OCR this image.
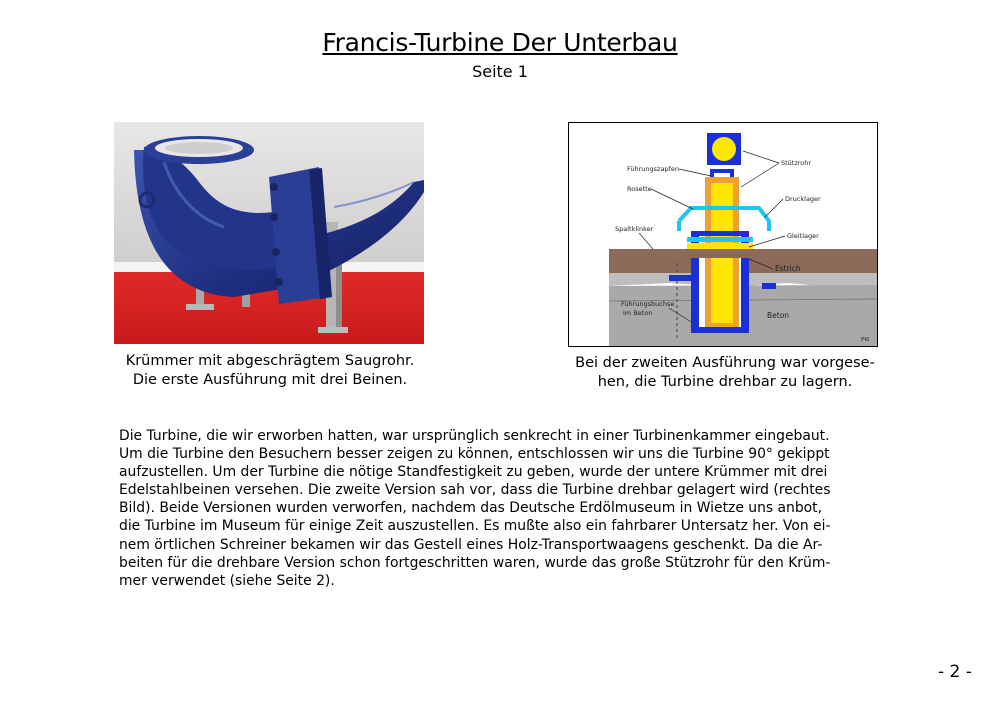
Francis-Turbine Der Unterbau
Seite 1
Führungszapfen
Stützrohr
Rosette
Drucklager
Spaltklinker
Gleitlager
Estrich
Führungsbuchse
im Beton	Beton
PKl
Krümmer mit abgeschrägtem Saugrohr.
Die erste Ausführung mit drei Beinen.
Bei der zweiten Ausführung war vorgese-
hen, die Turbine drehbar zu lagern.
Die Turbine, die wir erworben hatten, war ursprünglich senkrecht in einer Turbinenkammer eingebaut.
Um die Turbine den Besuchern besser zeigen zu können, entschlossen wir uns die Turbine 90° gekippt
aufzustellen. Um der Turbine die nötige Standfestigkeit zu geben, wurde der untere Krümmer mit drei
Edelstahlbeinen versehen. Die zweite Version sah vor, dass die Turbine drehbar gelagert wird (rechtes
Bild). Beide Versionen wurden verworfen, nachdem das Deutsche Erdölmuseum in Wietze uns anbot,
die Turbine im Museum für einige Zeit auszustellen. Es mußte also ein fahrbarer Untersatz her. Von ei-
nem örtlichen Schreiner bekamen wir das Gestell eines Holz-Transportwaagens geschenkt. Da die Ar-
beiten für die drehbare Version schon fortgeschritten waren, wurde das große Stützrohr für den Krüm-
mer verwendet (siehe Seite 2).
- 2 -
